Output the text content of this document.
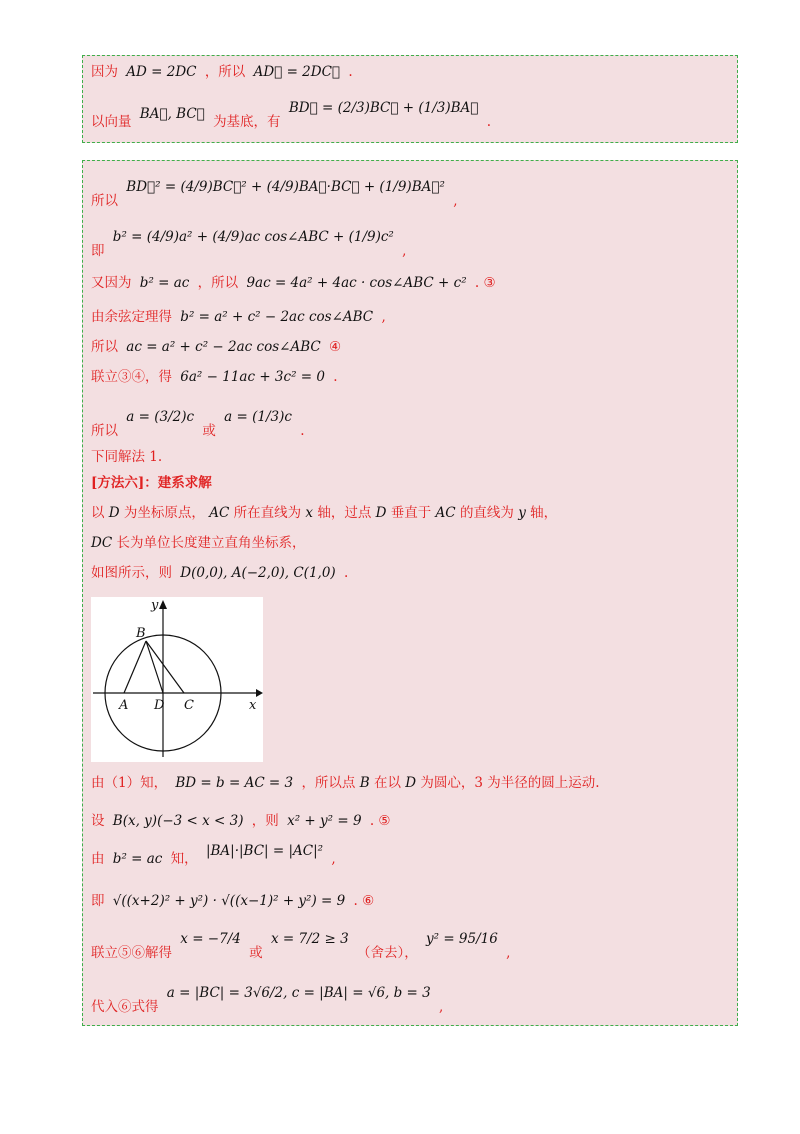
因为 AD = 2DC ，所以 AD⃗ = 2DC⃗ .
以向量 BA⃗, BC⃗ 为基底，有 BD⃗ = (2/3)BC⃗ + (1/3)BA⃗ .
所以 BD⃗² = (4/9)BC⃗² + (4/9)BA⃗·BC⃗ + (1/9)BA⃗² ,
即 b² = (4/9)a² + (4/9)ac cos∠ABC + (1/9)c² ,
又因为 b² = ac ，所以 9ac = 4a² + 4ac · cos∠ABC + c² . ③
由余弦定理得 b² = a² + c² − 2ac cos∠ABC ,
所以 ac = a² + c² − 2ac cos∠ABC ④
联立③④，得 6a² − 11ac + 3c² = 0 .
所以 a = (3/2)c 或 a = (1/3)c .
下同解法 1.
[方法六]：建系求解
以 D 为坐标原点， AC 所在直线为 x 轴，过点 D 垂直于 AC 的直线为 y 轴，
DC 长为单位长度建立直角坐标系，
如图所示，则 D(0,0), A(−2,0), C(1,0) .
y
x
B
A D C
由（1）知， BD = b = AC = 3 ，所以点 B 在以 D 为圆心，3 为半径的圆上运动.
设 B(x, y)(−3 < x < 3) ，则 x² + y² = 9 . ⑤
由 b² = ac 知， |BA|·|BC| = |AC|² ,
即 √((x+2)² + y²) · √((x−1)² + y²) = 9 . ⑥
联立⑤⑥解得 x = −7/4 或 x = 7/2 ≥ 3 （舍去）， y² = 95/16 ,
代入⑥式得 a = |BC| = 3√6/2, c = |BA| = √6, b = 3 ,
